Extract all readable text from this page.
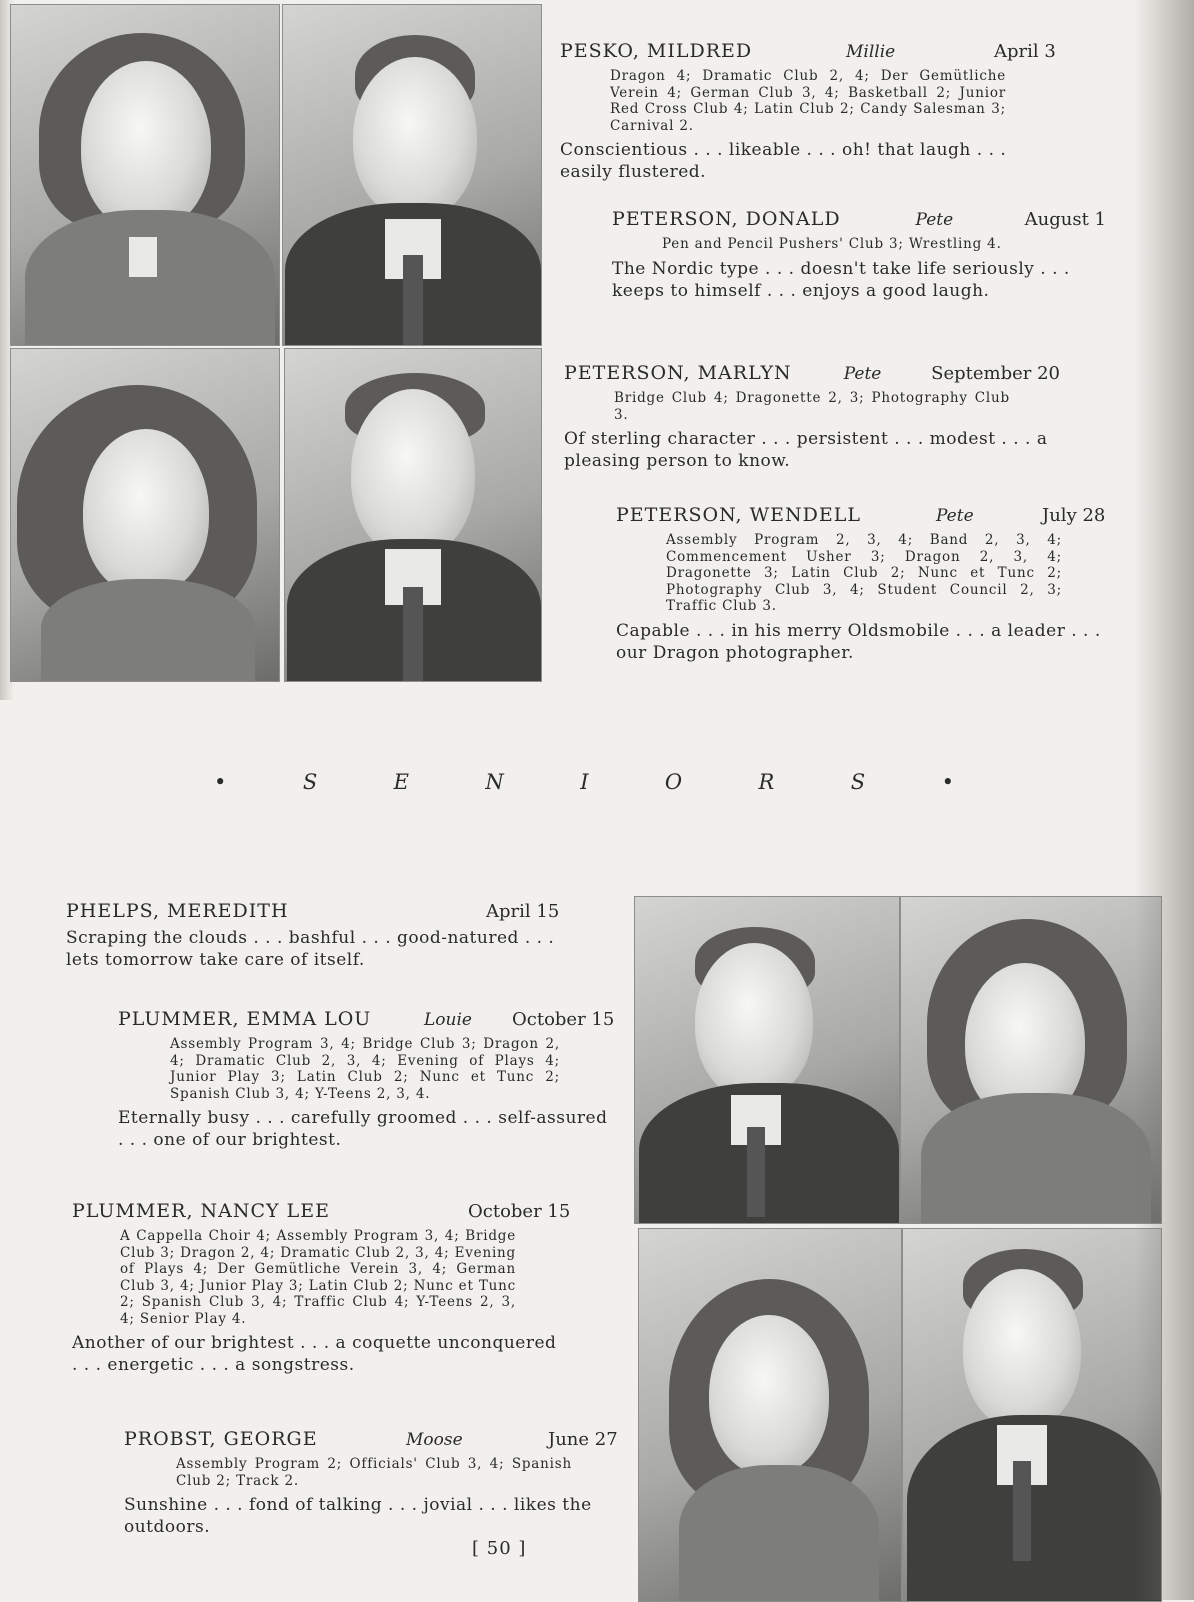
PESKO, MILDRED	Millie	April 3
Dragon 4; Dramatic Club 2, 4; Der Gemütliche Verein 4; German Club 3, 4; Basketball 2; Junior Red Cross Club 4; Latin Club 2; Candy Salesman 3; Carnival 2.
Conscientious . . . likeable . . . oh! that laugh . . . easily flustered.
PETERSON, DONALD	Pete	August 1
Pen and Pencil Pushers' Club 3; Wrestling 4.
The Nordic type . . . doesn't take life seriously . . . keeps to himself . . . enjoys a good laugh.
PETERSON, MARLYN	Pete	September 20
Bridge Club 4; Dragonette 2, 3; Photography Club 3.
Of sterling character . . . persistent . . . modest . . . a pleasing person to know.
PETERSON, WENDELL	Pete	July 28
Assembly Program 2, 3, 4; Band 2, 3, 4; Commencement Usher 3; Dragon 2, 3, 4; Dragonette 3; Latin Club 2; Nunc et Tunc 2; Photography Club 3, 4; Student Council 2, 3; Traffic Club 3.
Capable . . . in his merry Oldsmobile . . . a leader . . . our Dragon photographer.
•	S	E	N	I	O	R	S	•
PHELPS, MEREDITH	April 15
Scraping the clouds . . . bashful . . . good-natured . . . lets tomorrow take care of itself.
PLUMMER, EMMA LOU	Louie	October 15
Assembly Program 3, 4; Bridge Club 3; Dragon 2, 4; Dramatic Club 2, 3, 4; Evening of Plays 4; Junior Play 3; Latin Club 2; Nunc et Tunc 2; Spanish Club 3, 4; Y-Teens 2, 3, 4.
Eternally busy . . . carefully groomed . . . self-assured . . . one of our brightest.
PLUMMER, NANCY LEE	October 15
A Cappella Choir 4; Assembly Program 3, 4; Bridge Club 3; Dragon 2, 4; Dramatic Club 2, 3, 4; Evening of Plays 4; Der Gemütliche Verein 3, 4; German Club 3, 4; Junior Play 3; Latin Club 2; Nunc et Tunc 2; Spanish Club 3, 4; Traffic Club 4; Y-Teens 2, 3, 4; Senior Play 4.
Another of our brightest . . . a coquette unconquered . . . energetic . . . a songstress.
PROBST, GEORGE	Moose	June 27
Assembly Program 2; Officials' Club 3, 4; Spanish Club 2; Track 2.
Sunshine . . . fond of talking . . . jovial . . . likes the outdoors.
[ 50 ]
